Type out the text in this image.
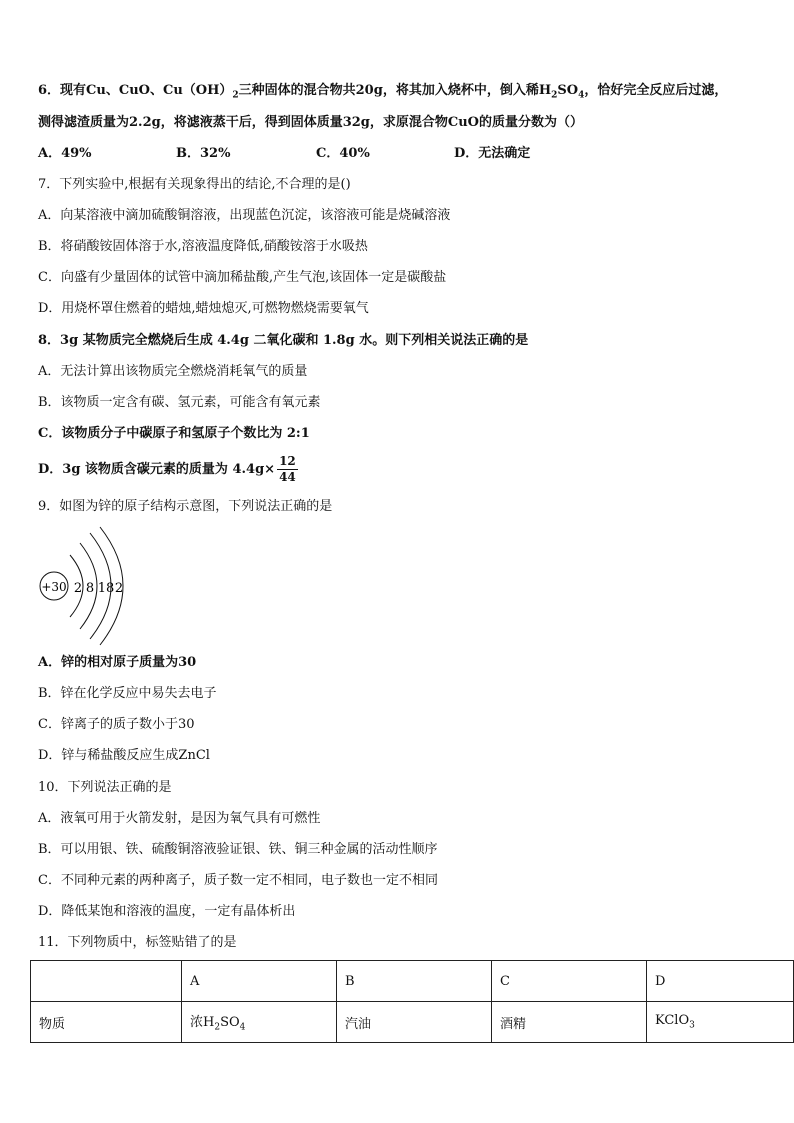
6．现有Cu、CuO、$Cu(OH)_2$三种固体的混合物共20g，将其加入烧杯中，倒入稀$H_2SO_4$，恰好完全反应后过滤，
测得滤渣质量为2.2g，将滤液蒸干后，得到固体质量32g，求原混合物CuO的质量分数为（）
A．49%	B．32%	C．40%	D．无法确定
7．下列实验中,根据有关现象得出的结论,不合理的是()
A．向某溶液中滴加硫酸铜溶液，出现蓝色沉淀，该溶液可能是烧碱溶液
B．将硝酸铵固体溶于水,溶液温度降低,硝酸铵溶于水吸热
C．向盛有少量固体的试管中滴加稀盐酸,产生气泡,该固体一定是碳酸盐
D．用烧杯罩住燃着的蜡烛,蜡烛熄灭,可燃物燃烧需要氧气
8．3g 某物质完全燃烧后生成 4.4g 二氧化碳和 1.8g 水。则下列相关说法正确的是
A．无法计算出该物质完全燃烧消耗氧气的质量
B．该物质一定含有碳、氢元素，可能含有氧元素
C．该物质分子中碳原子和氢原子个数比为 2:1
D．3g 该物质含碳元素的质量为 $4.4g\times \frac{12}{44}$
9．如图为锌的原子结构示意图，下列说法正确的是
+30 2 8 18 2
A．锌的相对原子质量为30
B．锌在化学反应中易失去电子
C．锌离子的质子数小于30
D．锌与稀盐酸反应生成ZnCl
10．下列说法正确的是
A．液氧可用于火箭发射，是因为氧气具有可燃性
B．可以用银、铁、硫酸铜溶液验证银、铁、铜三种金属的活动性顺序
C．不同种元素的两种离子，质子数一定不相同，电子数也一定不相同
D．降低某饱和溶液的温度，一定有晶体析出
11．下列物质中，标签贴错了的是
	A	B	C	D
物质	浓$H_2SO_4$	汽油	酒精	KClO$_3$
